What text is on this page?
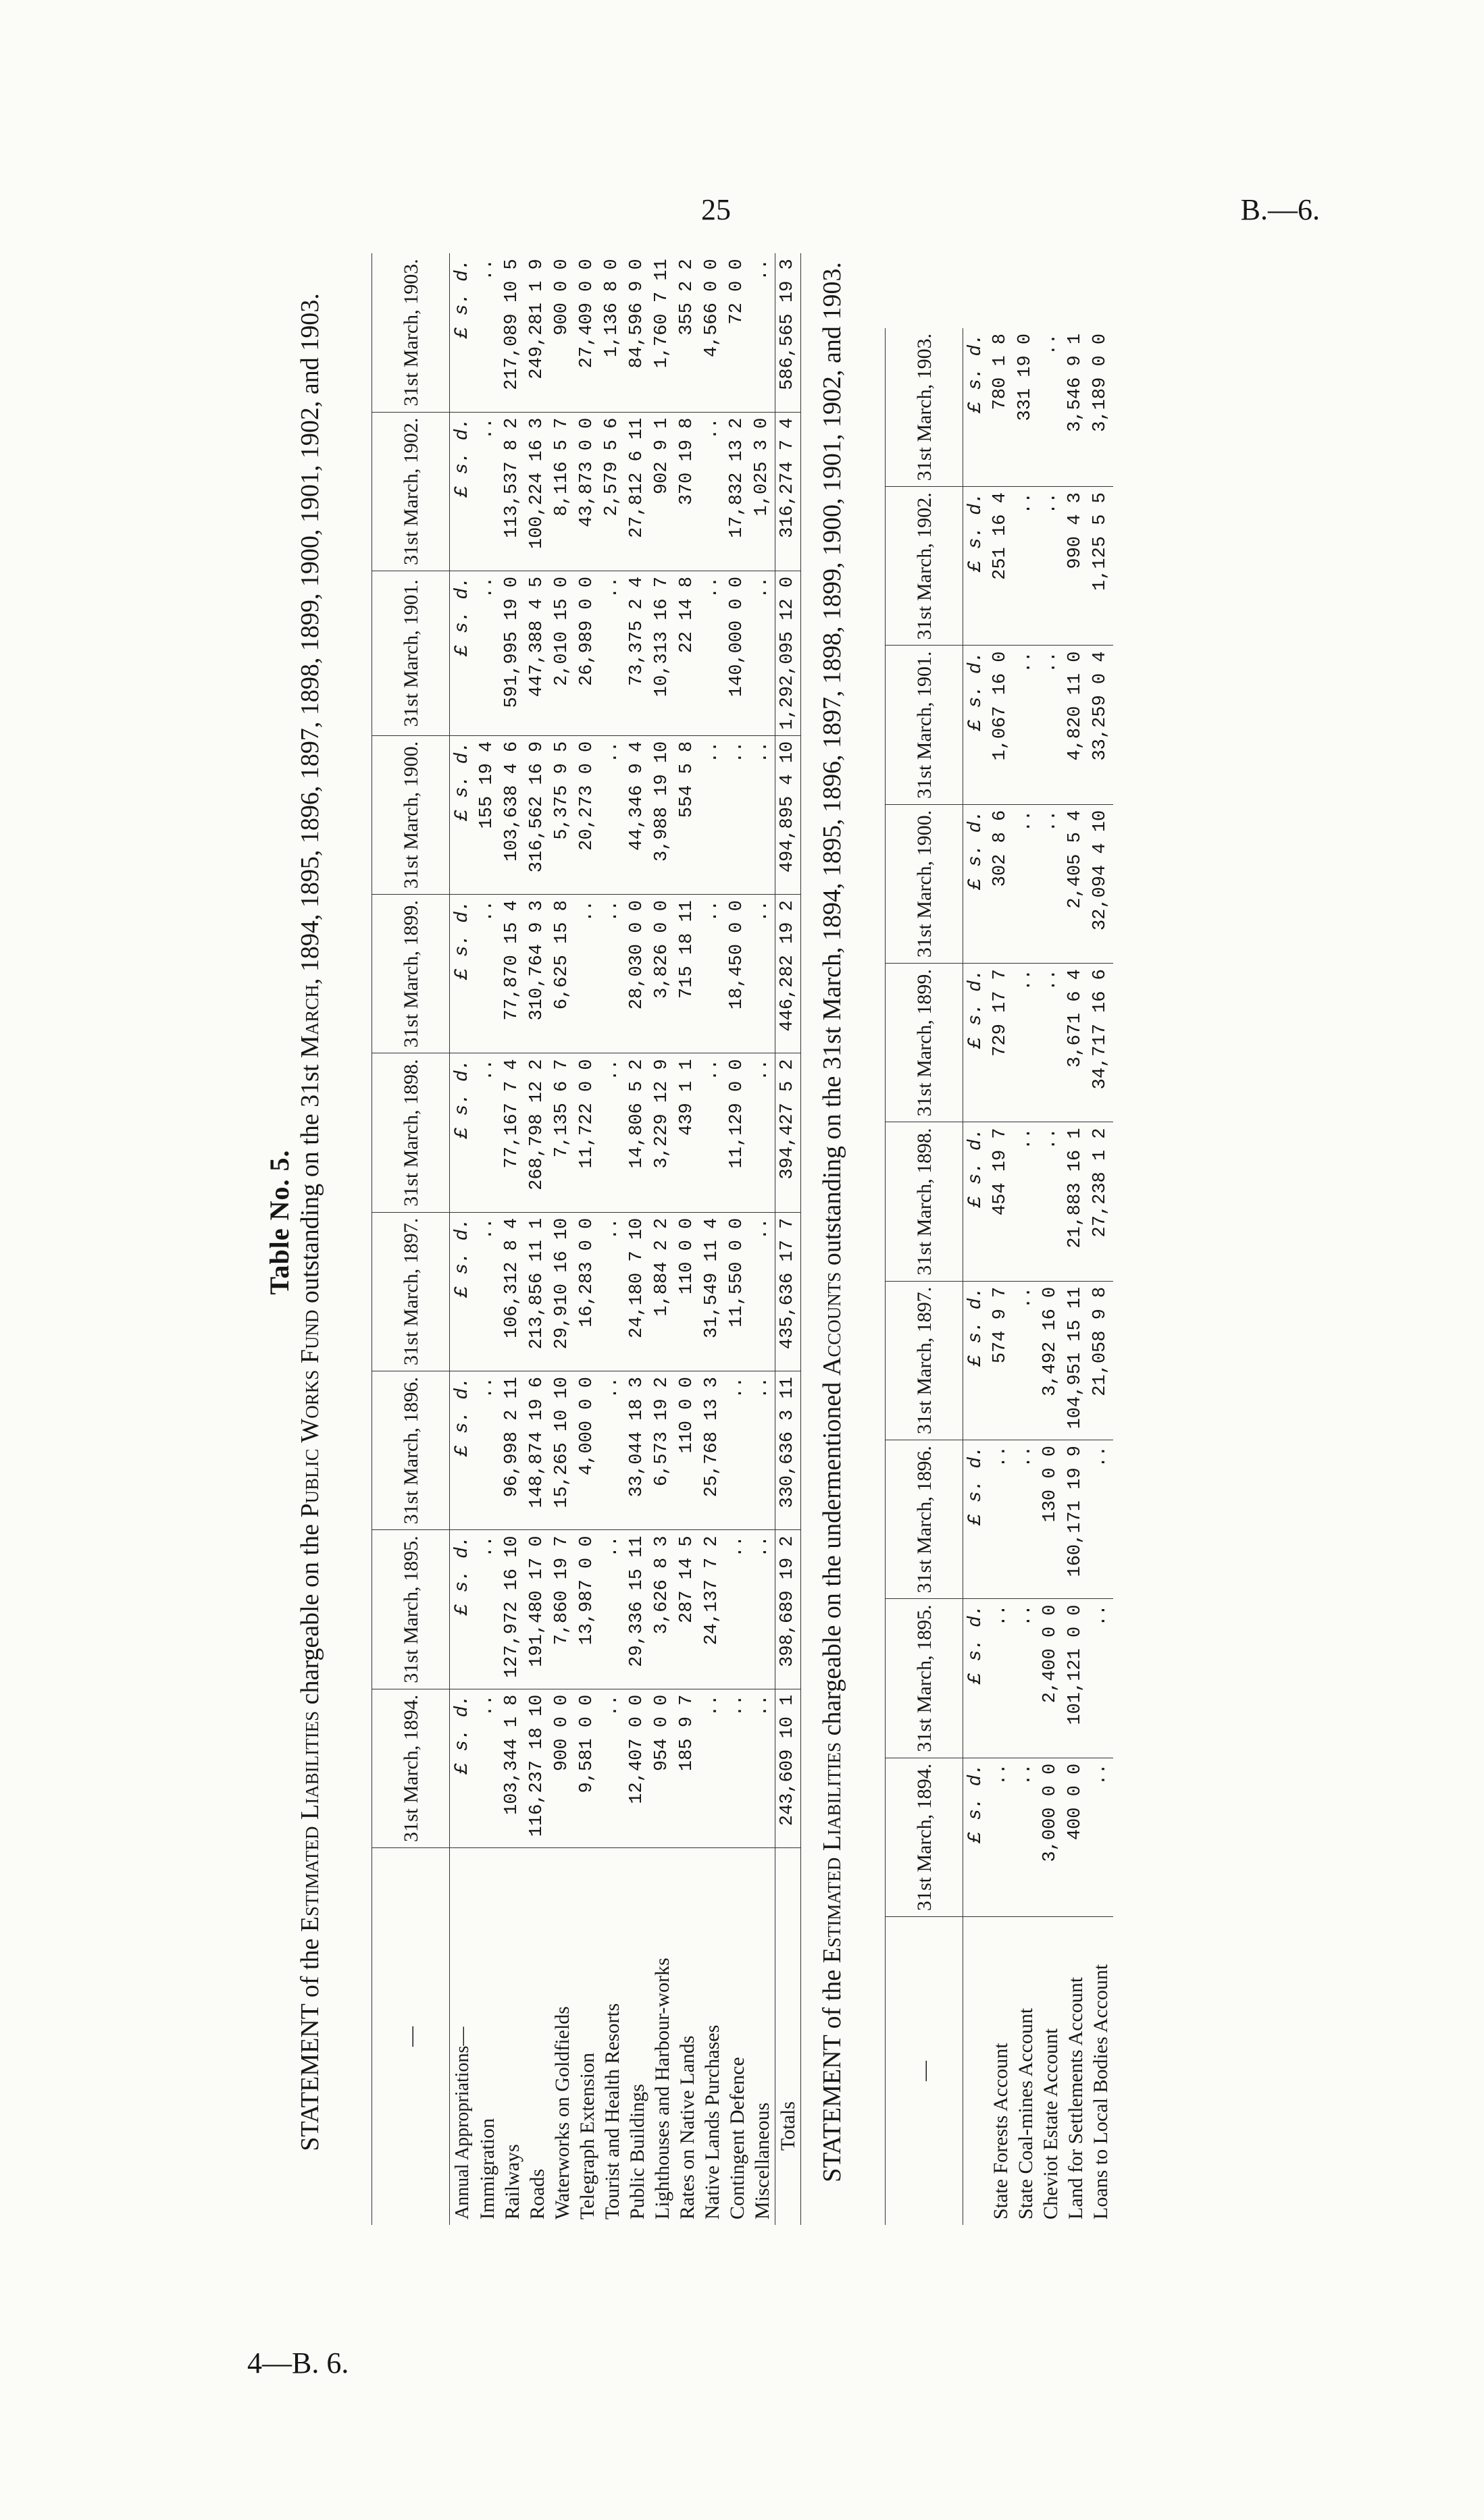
25	B.—6.
4—B. 6.
Table No. 5.
STATEMENT of the Estimated Liabilities chargeable on the Public Works Fund outstanding on the 31st March, 1894, 1895, 1896, 1897, 1898, 1899, 1900, 1901, 1902, and 1903.
—	31st March, 1894.	31st March, 1895.	31st March, 1896.	31st March, 1897.	31st March, 1898.	31st March, 1899.	31st March, 1900.	31st March, 1901.	31st March, 1902.	31st March, 1903.
Annual Appropriations—	£ s. d.	£ s. d.	£ s. d.	£ s. d.	£ s. d.	£ s. d.	£ s. d.	£ s. d.	£ s. d.	£ s. d.
Immigration	..	..	..	..	..	..	155 19 4	..	..	..
Railways	103,344 1 8	127,972 16 10	96,998 2 11	106,312 8 4	77,167 7 4	77,870 15 4	103,638 4 6	591,995 19 0	113,537 8 2	217,089 10 5
Roads	116,237 18 10	191,480 17 0	148,874 19 6	213,856 11 1	268,798 12 2	310,764 9 3	316,562 16 9	447,388 4 5	100,224 16 3	249,281 1 9
Waterworks on Goldfields	900 0 0	7,860 19 7	15,265 10 10	29,910 16 10	7,135 6 7	6,625 15 8	5,375 9 5	2,010 15 0	8,116 5 7	900 0 0
Telegraph Extension	9,581 0 0	13,987 0 0	4,000 0 0	16,283 0 0	11,722 0 0	..	20,273 0 0	26,989 0 0	43,873 0 0	27,409 0 0
Tourist and Health Resorts	..	..	..	..	..	..	..	..	2,579 5 6	1,136 8 0
Public Buildings	12,407 0 0	29,336 15 11	33,044 18 3	24,180 7 10	14,806 5 2	28,030 0 0	44,346 9 4	73,375 2 4	27,812 6 11	84,596 9 0
Lighthouses and Harbour-works	954 0 0	3,626 8 3	6,573 19 2	1,884 2 2	3,229 12 9	3,826 0 0	3,988 19 10	10,313 16 7	902 9 1	1,760 7 11
Rates on Native Lands	185 9 7	287 14 5	110 0 0	110 0 0	439 1 1	715 18 11	554 5 8	22 14 8	370 19 8	355 2 2
Native Lands Purchases	..	24,137 7 2	25,768 13 3	31,549 11 4	..	..	..	..	..	4,566 0 0
Contingent Defence	..	..	..	11,550 0 0	11,129 0 0	18,450 0 0	..	140,000 0 0	17,832 13 2	72 0 0
Miscellaneous	..	..	..	..	..	..	..	..	1,025 3 0	..
Totals	243,609 10 1	398,689 19 2	330,636 3 11	435,636 17 7	394,427 5 2	446,282 19 2	494,895 4 10	1,292,095 12 0	316,274 7 4	586,565 19 3
STATEMENT of the Estimated Liabilities chargeable on the undermentioned Accounts outstanding on the 31st March, 1894, 1895, 1896, 1897, 1898, 1899, 1900, 1901, 1902, and 1903.
—	31st March, 1894.	31st March, 1895.	31st March, 1896.	31st March, 1897.	31st March, 1898.	31st March, 1899.	31st March, 1900.	31st March, 1901.	31st March, 1902.	31st March, 1903.
	£ s. d.	£ s. d.	£ s. d.	£ s. d.	£ s. d.	£ s. d.	£ s. d.	£ s. d.	£ s. d.	£ s. d.
State Forests Account	..	..	..	574 9 7	454 19 7	729 17 7	302 8 6	1,067 16 0	251 16 4	780 1 8
State Coal-mines Account	..	..	..	..	..	..	..	..	..	331 19 0
Cheviot Estate Account	3,000 0 0	2,400 0 0	130 0 0	3,492 16 0	..	..	..	..	..	..
Land for Settlements Account	400 0 0	101,121 0 0	160,171 19 9	104,951 15 11	21,883 16 1	3,671 6 4	2,405 5 4	4,820 11 0	990 4 3	3,546 9 1
Loans to Local Bodies Account	..	..	..	21,058 9 8	27,238 1 2	34,717 16 6	32,094 4 10	33,259 0 4	1,125 5 5	3,189 0 0
